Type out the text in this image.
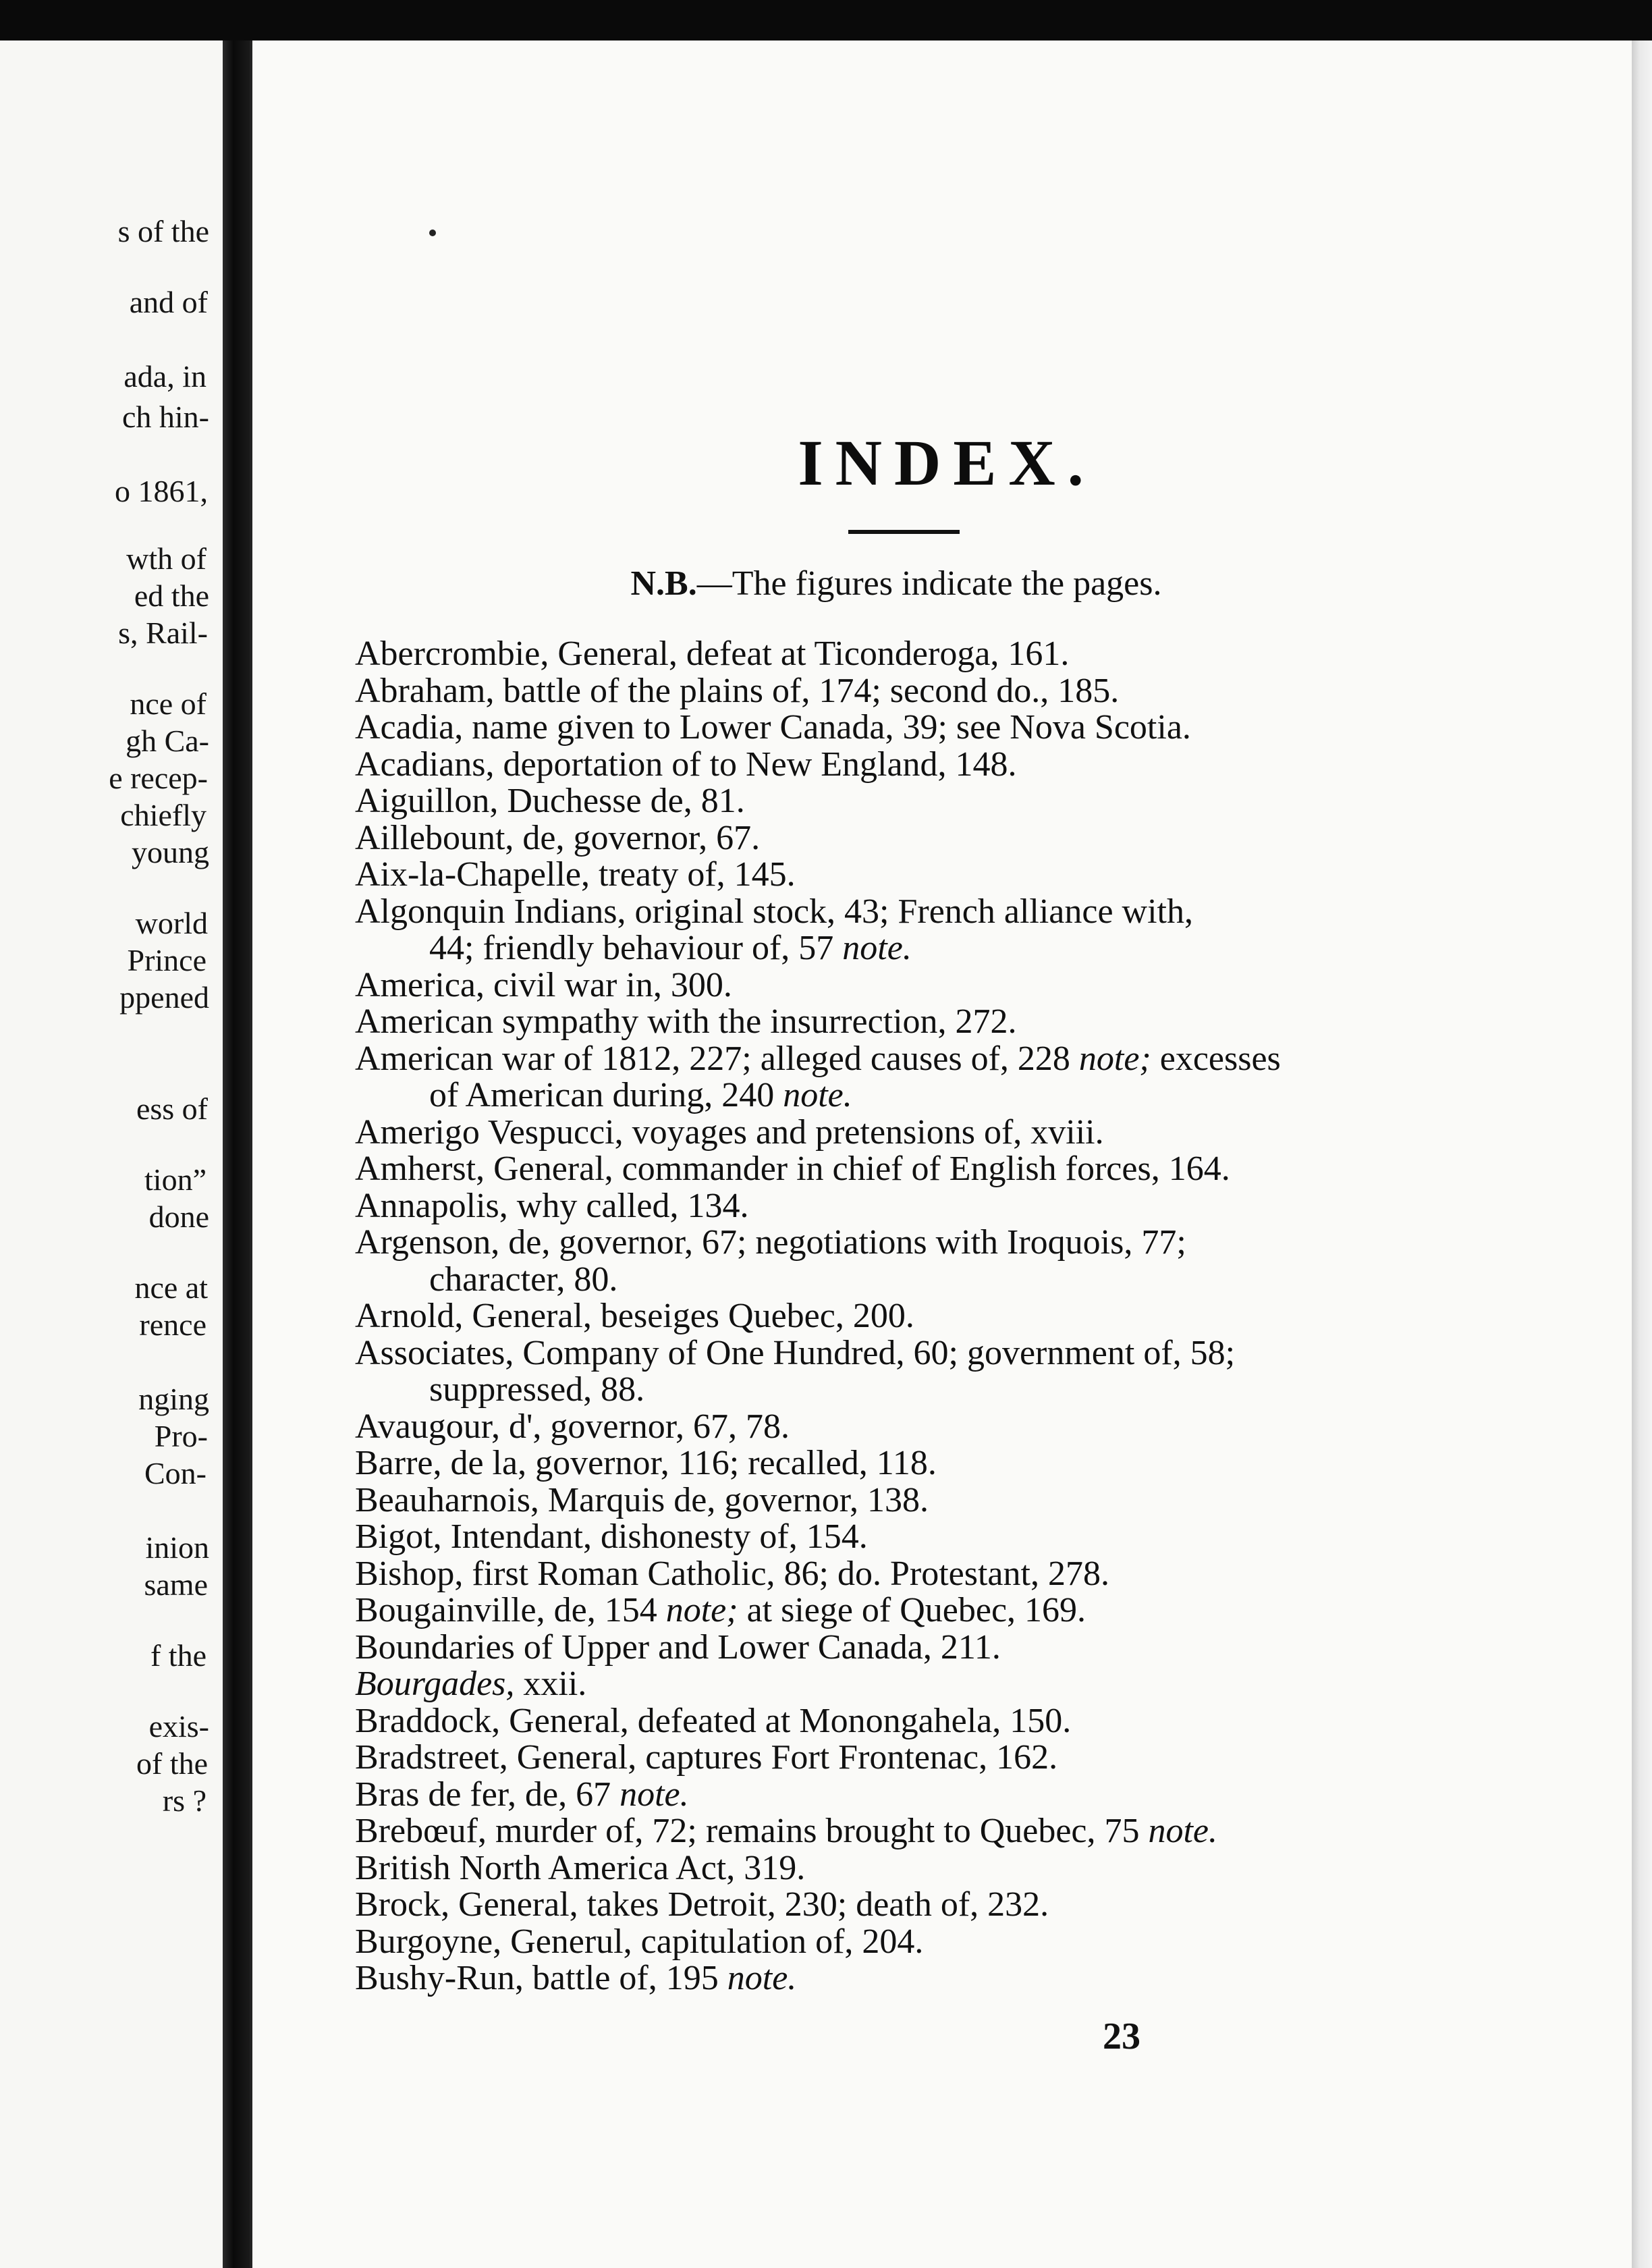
s of the
and of
ada, in
ch hin-
o 1861,
wth of
ed the
s, Rail-
nce of
gh Ca-
e recep-
chiefly
young
world
Prince
ppened
ess of
tion”
done
nce at
rence
nging
Pro-
Con-
inion
same
f the
exis-
of the
rs ?
INDEX.
N.B.—The figures indicate the pages.
Abercrombie, General, defeat at Ticonderoga, 161.
Abraham, battle of the plains of, 174; second do., 185.
Acadia, name given to Lower Canada, 39; see Nova Scotia.
Acadians, deportation of to New England, 148.
Aiguillon, Duchesse de, 81.
Aillebount, de, governor, 67.
Aix-la-Chapelle, treaty of, 145.
Algonquin Indians, original stock, 43; French alliance with,
44; friendly behaviour of, 57 note.
America, civil war in, 300.
American sympathy with the insurrection, 272.
American war of 1812, 227; alleged causes of, 228 note; excesses
of American during, 240 note.
Amerigo Vespucci, voyages and pretensions of, xviii.
Amherst, General, commander in chief of English forces, 164.
Annapolis, why called, 134.
Argenson, de, governor, 67; negotiations with Iroquois, 77;
character, 80.
Arnold, General, beseiges Quebec, 200.
Associates, Company of One Hundred, 60; government of, 58;
suppressed, 88.
Avaugour, d', governor, 67, 78.
Barre, de la, governor, 116; recalled, 118.
Beauharnois, Marquis de, governor, 138.
Bigot, Intendant, dishonesty of, 154.
Bishop, first Roman Catholic, 86; do. Protestant, 278.
Bougainville, de, 154 note; at siege of Quebec, 169.
Boundaries of Upper and Lower Canada, 211.
Bourgades, xxii.
Braddock, General, defeated at Monongahela, 150.
Bradstreet, General, captures Fort Frontenac, 162.
Bras de fer, de, 67 note.
Brebœuf, murder of, 72; remains brought to Quebec, 75 note.
British North America Act, 319.
Brock, General, takes Detroit, 230; death of, 232.
Burgoyne, Generul, capitulation of, 204.
Bushy-Run, battle of, 195 note.
23
